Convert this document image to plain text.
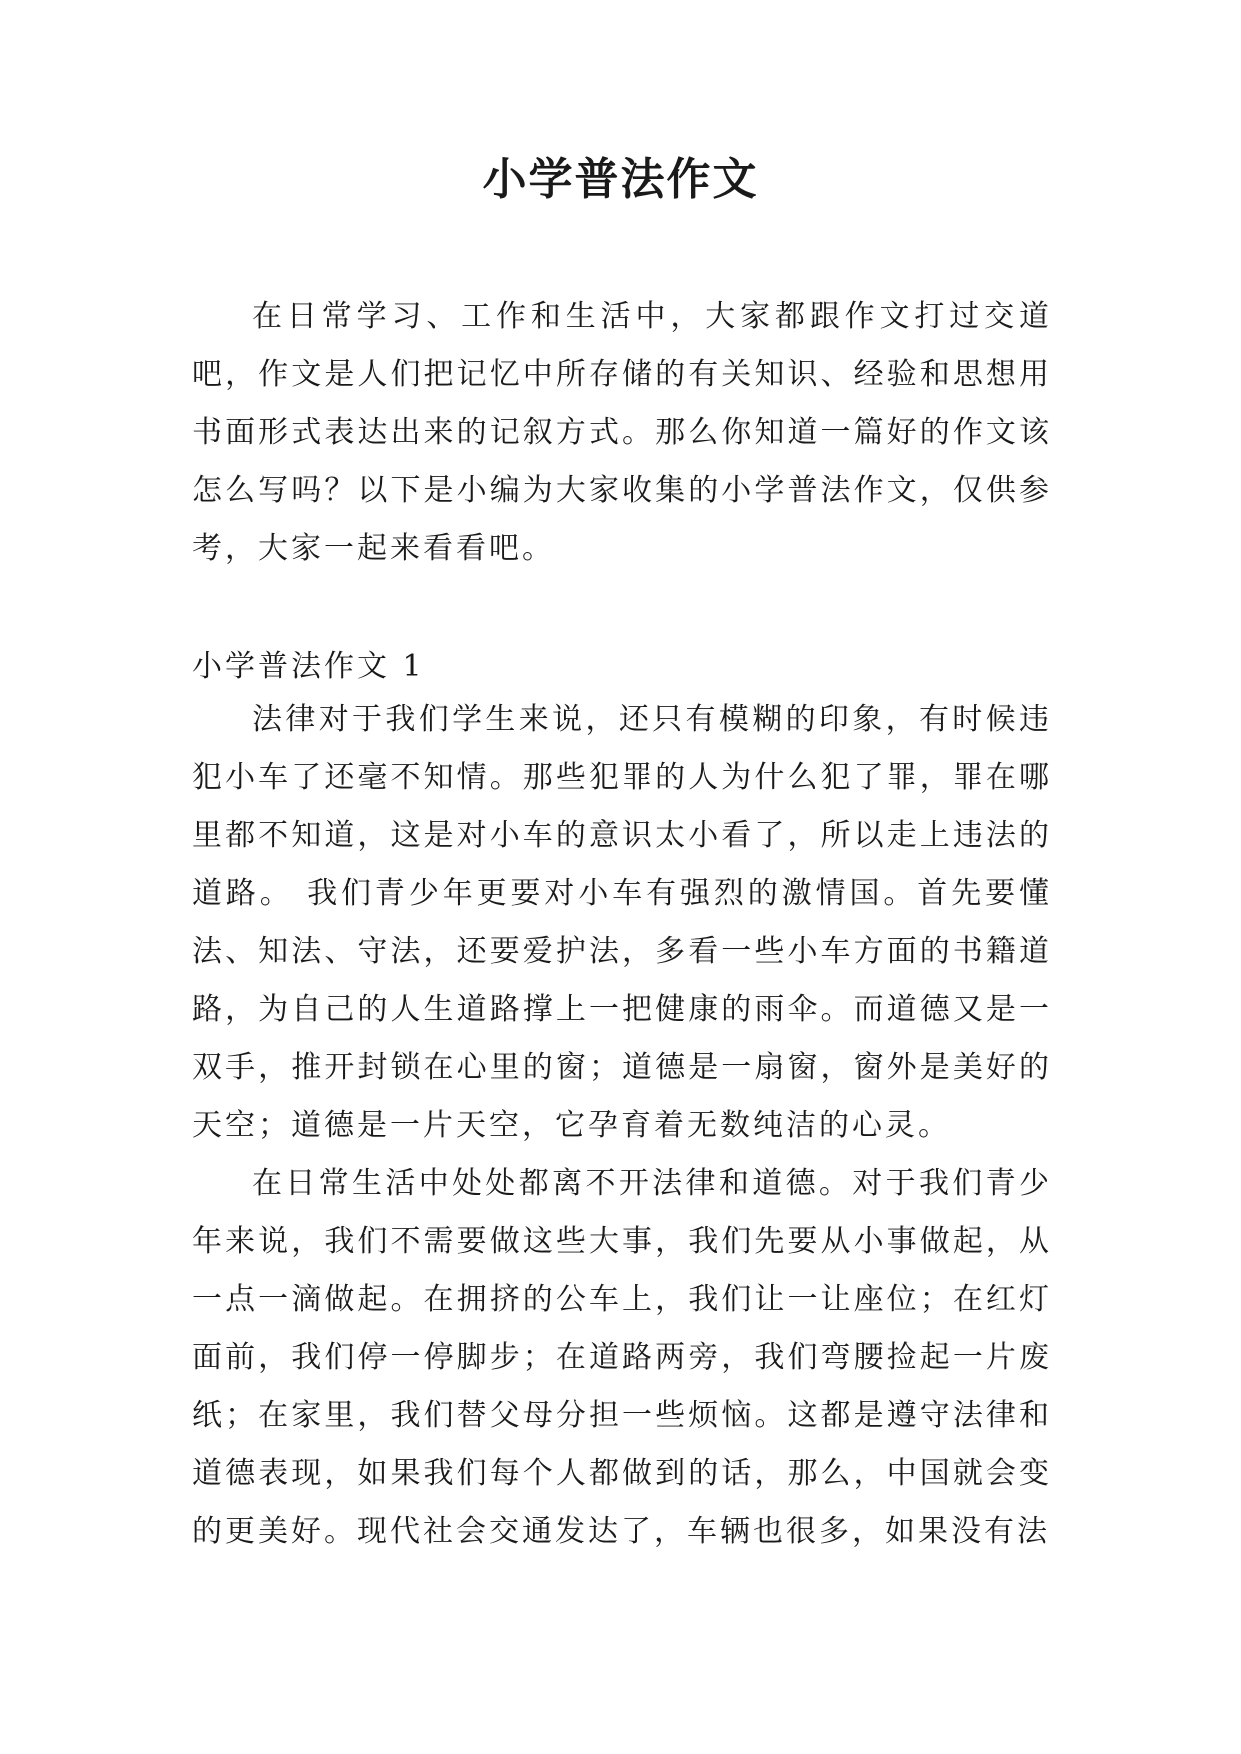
小学普法作文

在日常学习、工作和生活中，大家都跟作文打过交道吧，作文是人们把记忆中所存储的有关知识、经验和思想用书面形式表达出来的记叙方式。那么你知道一篇好的作文该怎么写吗？以下是小编为大家收集的小学普法作文，仅供参考，大家一起来看看吧。

小学普法作文 1

法律对于我们学生来说，还只有模糊的印象，有时候违犯小车了还毫不知情。那些犯罪的人为什么犯了罪，罪在哪里都不知道，这是对小车的意识太小看了，所以走上违法的道路。 我们青少年更要对小车有强烈的激情国。首先要懂法、知法、守法，还要爱护法，多看一些小车方面的书籍道路，为自己的人生道路撑上一把健康的雨伞。而道德又是一双手，推开封锁在心里的窗；道德是一扇窗，窗外是美好的天空；道德是一片天空，它孕育着无数纯洁的心灵。

在日常生活中处处都离不开法律和道德。对于我们青少年来说，我们不需要做这些大事，我们先要从小事做起，从一点一滴做起。在拥挤的公车上，我们让一让座位；在红灯面前，我们停一停脚步；在道路两旁，我们弯腰捡起一片废纸；在家里，我们替父母分担一些烦恼。这都是遵守法律和道德表现，如果我们每个人都做到的话，那么，中国就会变的更美好。现代社会交通发达了，车辆也很多，如果没有法
